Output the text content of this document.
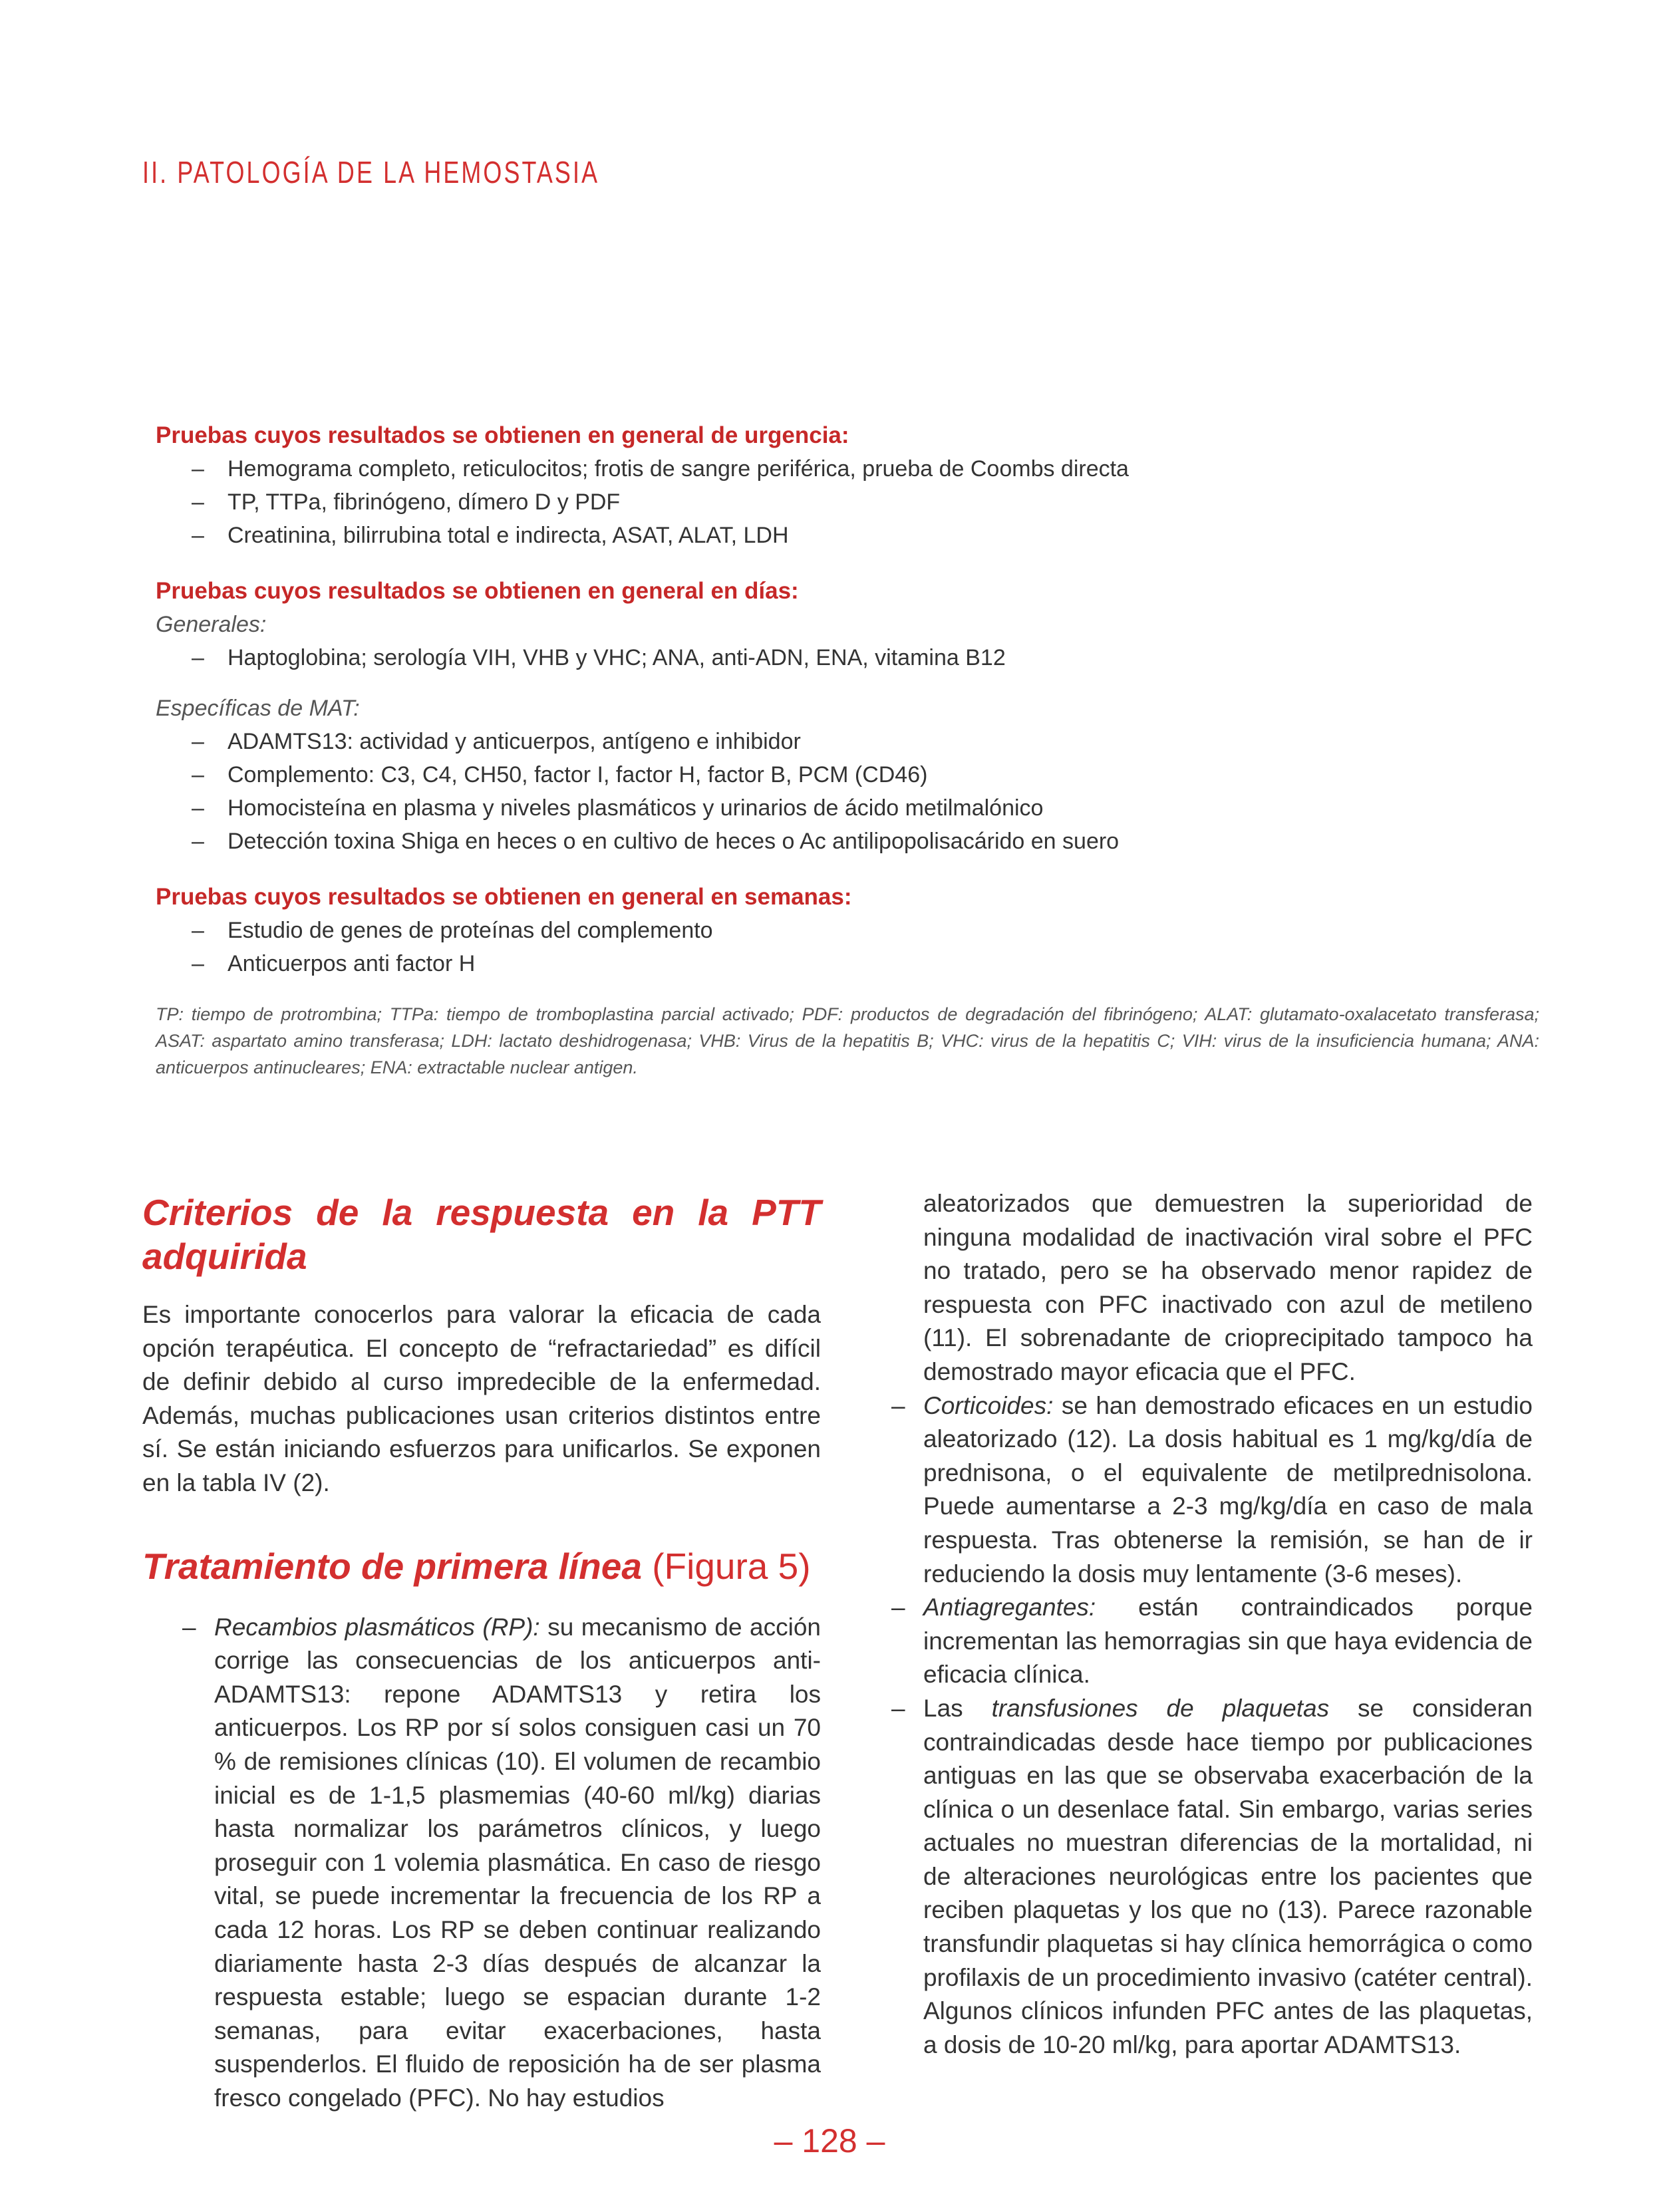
II. PATOLOGÍA DE LA HEMOSTASIA
Pruebas cuyos resultados se obtienen en general de urgencia:
– Hemograma completo, reticulocitos; frotis de sangre periférica, prueba de Coombs directa
– TP, TTPa, fibrinógeno, dímero D y PDF
– Creatinina, bilirrubina total e indirecta, ASAT, ALAT, LDH
Pruebas cuyos resultados se obtienen en general en días:
Generales:
– Haptoglobina; serología VIH, VHB y VHC; ANA, anti-ADN, ENA, vitamina B12
Específicas de MAT:
– ADAMTS13: actividad y anticuerpos, antígeno e inhibidor
– Complemento: C3, C4, CH50, factor I, factor H, factor B, PCM (CD46)
– Homocisteína en plasma y niveles plasmáticos y urinarios de ácido metilmalónico
– Detección toxina Shiga en heces o en cultivo de heces o Ac antilipopolisacárido en suero
Pruebas cuyos resultados se obtienen en general en semanas:
– Estudio de genes de proteínas del complemento
– Anticuerpos anti factor H
TP: tiempo de protrombina; TTPa: tiempo de tromboplastina parcial activado; PDF: productos de degradación del fibrinógeno; ALAT: glutamato-oxalacetato transferasa; ASAT: aspartato amino transferasa; LDH: lactato deshidrogenasa; VHB: Virus de la hepatitis B; VHC: virus de la hepatitis C; VIH: virus de la insuficiencia humana; ANA: anticuerpos antinucleares; ENA: extractable nuclear antigen.
Criterios de la respuesta en la PTT adquirida

Es importante conocerlos para valorar la eficacia de cada opción terapéutica. El concepto de “refractariedad” es difícil de definir debido al curso impredecible de la enfermedad. Además, muchas publicaciones usan criterios distintos entre sí. Se están iniciando esfuerzos para unificarlos. Se exponen en la tabla IV (2).

Tratamiento de primera línea (Figura 5)
– Recambios plasmáticos (RP): su mecanismo de acción corrige las consecuencias de los anticuerpos anti-ADAMTS13: repone ADAMTS13 y retira los anticuerpos. Los RP por sí solos consiguen casi un 70 % de remisiones clínicas (10). El volumen de recambio inicial es de 1-1,5 plasmemias (40-60 ml/kg) diarias hasta normalizar los parámetros clínicos, y luego proseguir con 1 volemia plasmática. En caso de riesgo vital, se puede incrementar la frecuencia de los RP a cada 12 horas. Los RP se deben continuar realizando diariamente hasta 2-3 días después de alcanzar la respuesta estable; luego se espacian durante 1-2 semanas, para evitar exacerbaciones, hasta suspenderlos. El fluido de reposición ha de ser plasma fresco congelado (PFC). No hay estudios

aleatorizados que demuestren la superioridad de ninguna modalidad de inactivación viral sobre el PFC no tratado, pero se ha observado menor rapidez de respuesta con PFC inactivado con azul de metileno (11). El sobrenadante de crioprecipitado tampoco ha demostrado mayor eficacia que el PFC.

– Corticoides: se han demostrado eficaces en un estudio aleatorizado (12). La dosis habitual es 1 mg/kg/día de prednisona, o el equivalente de metilprednisolona. Puede aumentarse a 2-3 mg/kg/día en caso de mala respuesta. Tras obtenerse la remisión, se han de ir reduciendo la dosis muy lentamente (3-6 meses).
– Antiagregantes: están contraindicados porque incrementan las hemorragias sin que haya evidencia de eficacia clínica.
– Las transfusiones de plaquetas se consideran contraindicadas desde hace tiempo por publicaciones antiguas en las que se observaba exacerbación de la clínica o un desenlace fatal. Sin embargo, varias series actuales no muestran diferencias de la mortalidad, ni de alteraciones neurológicas entre los pacientes que reciben plaquetas y los que no (13). Parece razonable transfundir plaquetas si hay clínica hemorrágica o como profilaxis de un procedimiento invasivo (catéter central). Algunos clínicos infunden PFC antes de las plaquetas, a dosis de 10-20 ml/kg, para aportar ADAMTS13.
– 128 –
